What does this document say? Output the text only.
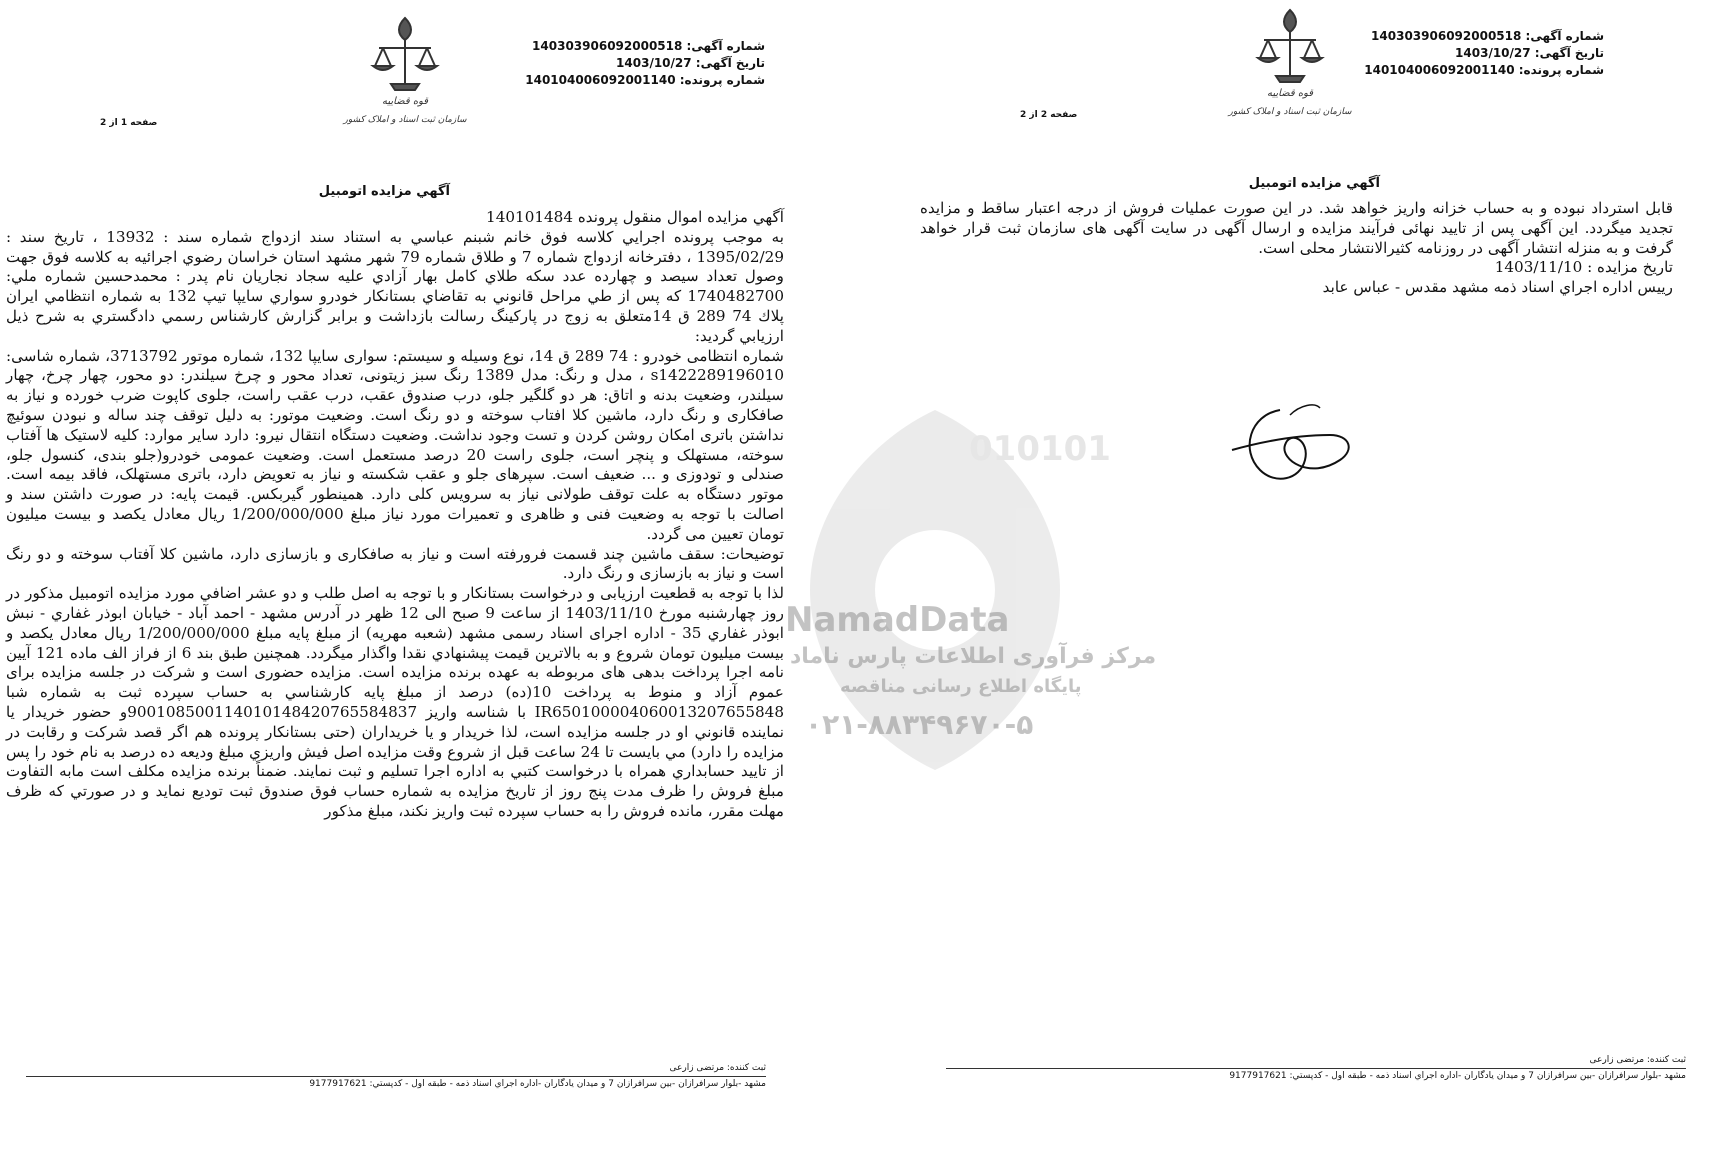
شماره آگهی: 140303906092000518
تاریخ آگهی: 1403/10/27
شماره پرونده: 140104006092001140
قوه قضاییه
سازمان ثبت اسناد و املاک کشور
صفحه 2 از 2
آگهي مزايده اتومبيل

قابل استرداد نبوده و به حساب خزانه واریز خواهد شد. در این صورت عملیات فروش از درجه اعتبار ساقط و مزایده تجدید میگردد. این آگهی پس از تایید نهائی فرآیند مزایده و ارسال آگهی در سایت آگهی های سازمان ثبت قرار خواهد گرفت و به منزله انتشار آگهی در روزنامه کثیرالانتشار محلی است.

تاریخ مزایده : 1403/11/10

رییس اداره اجراي اسناد ذمه مشهد مقدس - عباس عابد

ثبت کننده: مرتضی زارعی
مشهد -بلوار سرافرازان -بين سرافرازان 7 و ميدان يادگاران -اداره اجراي اسناد ذمه - طبقه اول - کدپستي: 9177917621
شماره آگهی: 140303906092000518
تاریخ آگهی: 1403/10/27
شماره پرونده: 140104006092001140
قوه قضاییه
سازمان ثبت اسناد و املاک کشور
صفحه 1 از 2
آگهي مزايده اتومبيل

آگهي مزايده اموال منقول پرونده 140101484

به موجب پرونده اجرايي کلاسه فوق خانم شبنم عباسي به استناد سند ازدواج شماره سند : 13932 ، تاريخ سند : 1395/02/29 ، دفترخانه ازدواج شماره 7 و طلاق شماره 79 شهر مشهد استان خراسان رضوي اجرائيه به کلاسه فوق جهت وصول تعداد سيصد و چهارده عدد سكه طلاي كامل بهار آزادي عليه سجاد نجاريان نام پدر : محمدحسين شماره ملي: 1740482700 كه پس از طي مراحل قانوني به تقاضاي بستانكار خودرو سواري سايپا تيپ 132 به شماره انتظامي ايران پلاك 74 289 ق 14متعلق به زوج در پاركينگ رسالت بازداشت و برابر گزارش كارشناس رسمي دادگستري به شرح ذيل ارزيابي گرديد:

شماره انتظامی خودرو : 74 289 ق 14، نوع وسیله و سیستم: سواری سایپا 132، شماره موتور 3713792، شماره شاسی: s1422289196010 ، مدل و رنگ: مدل 1389 رنگ سبز زیتونی، تعداد محور و چرخ سیلندر: دو محور، چهار چرخ، چهار سیلندر، وضعیت بدنه و اتاق: هر دو گلگیر جلو، درب صندوق عقب، درب عقب راست، جلوی کاپوت ضرب خورده و نیاز به صافکاری و رنگ دارد، ماشین کلا افتاب سوخته و دو رنگ است. وضعیت موتور: به دلیل توقف چند ساله و نبودن سوئیچ نداشتن باتری امکان روشن کردن و تست وجود نداشت. وضعیت دستگاه انتقال نیرو: دارد سایر موارد: کلیه لاستیک ها آفتاب سوخته، مستهلک و پنچر است، جلوی راست 20 درصد مستعمل است. وضعیت عمومی خودرو(جلو بندی، کنسول جلو، صندلی و تودوزی و ... ضعیف است. سپرهای جلو و عقب شکسته و نیاز به تعویض دارد، باتری مستهلک، فاقد بیمه است. موتور دستگاه به علت توقف طولانی نیاز به سرویس کلی دارد. همینطور گیربکس. قیمت پایه: در صورت داشتن سند و اصالت با توجه به وضعیت فنی و ظاهری و تعمیرات مورد نیاز مبلغ 1/200/000/000 ریال معادل یکصد و بیست میلیون تومان تعیین می گردد.

توضیحات: سقف ماشین چند قسمت فرورفته است و نیاز به صافکاری و بازسازی دارد، ماشین کلا آفتاب سوخته و دو رنگ است و نیاز به بازسازی و رنگ دارد.

لذا با توجه به قطعیت ارزیابی و درخواست بستانکار و با توجه به اصل طلب و دو عشر اضافي مورد مزايده اتومبیل مذکور در روز چهارشنبه مورخ 1403/11/10 از ساعت 9 صبح الی 12 ظهر در آدرس مشهد - احمد آباد - خيابان ابوذر غفاري - نبش ابوذر غفاري 35 - اداره اجرای اسناد رسمی مشهد (شعبه مهریه) از مبلغ پایه مبلغ 1/200/000/000 ریال معادل یکصد و بیست میلیون تومان شروع و به بالاترين قيمت پيشنهادي نقدا واگذار ميگردد. همچنین طبق بند 6 از فراز الف ماده 121 آیین نامه اجرا پرداخت بدهی های مربوطه به عهده برنده مزایده است. مزایده حضوری است و شرکت در جلسه مزایده برای عموم آزاد و منوط به پرداخت 10(ده) درصد از مبلغ پایه کارشناسي به حساب سپرده ثبت به شماره شبا IR650100004060013207655848 با شناسه واریز 900108500114010148420765584837و حضور خريدار يا نماينده قانوني او در جلسه مزايده است، لذا خریدار و یا خریداران (حتی بستانکار پرونده هم اگر قصد شرکت و رقابت در مزایده را دارد) مي بايست تا 24 ساعت قبل از شروع وقت مزايده اصل فيش واريزي مبلغ وديعه ده درصد به نام خود را پس از تاييد حسابداري همراه با درخواست كتبي به اداره اجرا تسليم و ثبت نمايند. ضمناً برنده مزایده مکلف است مابه التفاوت مبلغ فروش را ظرف مدت پنج روز از تاریخ مزایده به شماره حساب فوق صندوق ثبت تودیع نماید و در صورتي كه ظرف مهلت مقرر، مانده فروش را به حساب سپرده ثبت واريز نكند، مبلغ مذكور

ثبت کننده: مرتضی زارعی
مشهد -بلوار سرافرازان -بين سرافرازان 7 و ميدان يادگاران -اداره اجراي اسناد ذمه - طبقه اول - کدپستي: 9177917621
010101
NamadData
مرکز فرآوری اطلاعات پارس ناماد
پایگاه اطلاع رسانی مناقصه
۰۲۱-۸۸۳۴۹۶۷۰-۵
